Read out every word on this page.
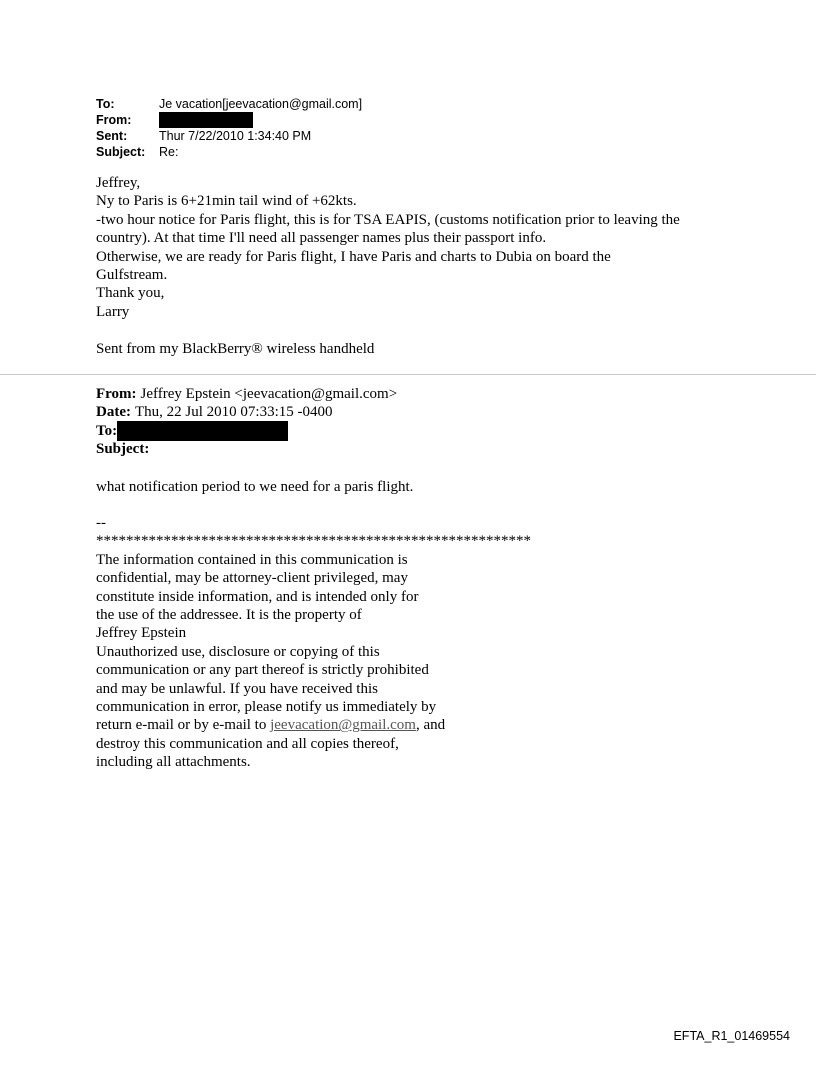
To:	Je vacation[jeevacation@gmail.com]
From:
Sent:	Thur 7/22/2010 1:34:40 PM
Subject:	Re:

Jeffrey,

Ny to Paris is 6+21min tail wind of +62kts.

-two hour notice for Paris flight, this is for TSA EAPIS, (customs notification prior to leaving the

country). At that time I'll need all passenger names plus their passport info.

Otherwise, we are ready for Paris flight, I have Paris and charts to Dubia on board the

Gulfstream.

Thank you,

Larry

Sent from my BlackBerry® wireless handheld

From: Jeffrey Epstein <jeevacation@gmail.com>
Date: Thu, 22 Jul 2010 07:33:15 -0400
To:
Subject:
what notification period to we need for a paris flight.

--

**********************************************************

The information contained in this communication is

confidential, may be attorney-client privileged, may

constitute inside information, and is intended only for

the use of the addressee. It is the property of

Jeffrey Epstein

Unauthorized use, disclosure or copying of this

communication or any part thereof is strictly prohibited

and may be unlawful. If you have received this

communication in error, please notify us immediately by

return e-mail or by e-mail to jeevacation@gmail.com, and

destroy this communication and all copies thereof,

including all attachments.

EFTA_R1_01469554
